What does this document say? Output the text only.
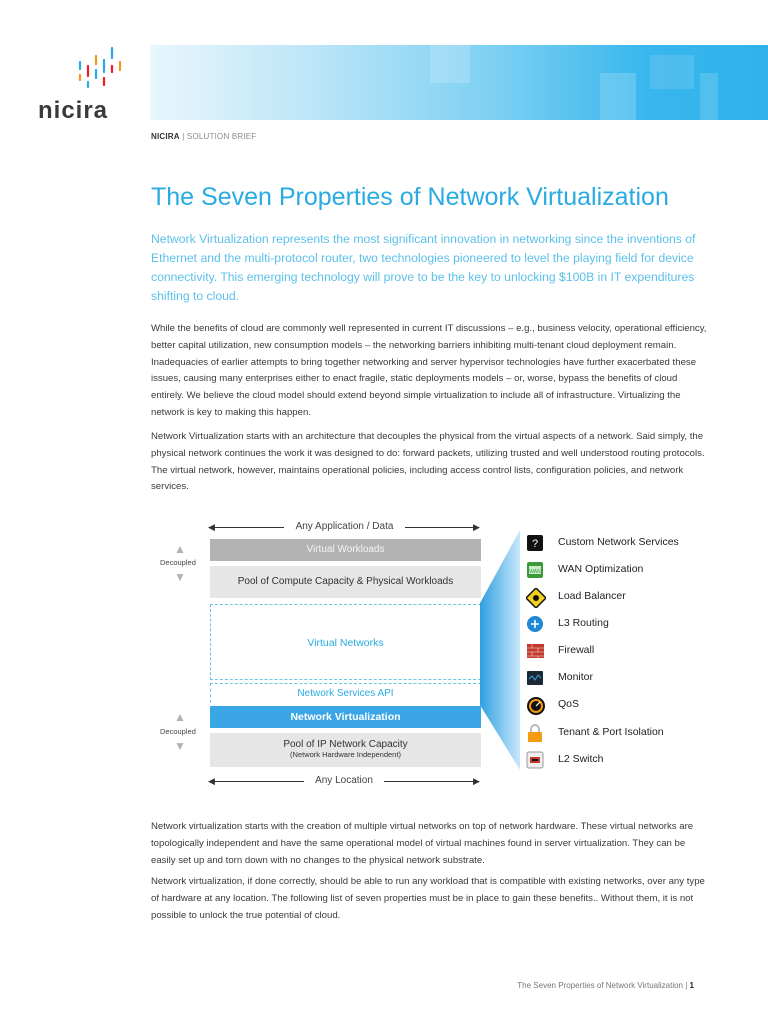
nicira
NICIRA | SOLUTION BRIEF
The Seven Properties of Network Virtualization
Network Virtualization represents the most significant innovation in networking since the inventions of Ethernet and the multi-protocol router, two technologies pioneered to level the playing field for device connectivity. This emerging technology will prove to be the key to unlocking $100B in IT expenditures shifting to cloud.
While the benefits of cloud are commonly well represented in current IT discussions – e.g., business velocity, operational efficiency, better capital utilization, new consumption models – the networking barriers inhibiting multi-tenant cloud deployment remain. Inadequacies of earlier attempts to bring together networking and server hypervisor technologies have further exacerbated these issues, causing many enterprises either to enact fragile, static deployments models – or, worse, bypass the benefits of cloud entirely. We believe the cloud model should extend beyond simple virtualization to include all of infrastructure. Virtualizing the network is key to making this happen.
Network Virtualization starts with an architecture that decouples the physical from the virtual aspects of a network. Said simply, the physical network continues the work it was designed to do: forward packets, utilizing trusted and well understood routing protocols. The virtual network, however, maintains operational policies, including access control lists, configuration policies, and network services.
◀	▶
Any Application / Data
Virtual Workloads
Pool of Compute Capacity & Physical Workloads
Virtual Networks
Network Services API
Network Virtualization
Pool of IP Network Capacity
(Network Hardware Independent)
▲
Decoupled
▼
▲
Decoupled
▼
◀	▶
Any Location
?
WAN
Custom Network Services
WAN Optimization
Load Balancer
L3 Routing
Firewall
Monitor
QoS
Tenant & Port Isolation
L2 Switch
Network virtualization starts with the creation of multiple virtual networks on top of network hardware. These virtual networks are topologically independent and have the same operational model of virtual machines found in server virtualization. They can be easily set up and torn down with no changes to the physical network substrate.
Network virtualization, if done correctly, should be able to run any workload that is compatible with existing networks, over any type of hardware at any location. The following list of seven properties must be in place to gain these benefits.. Without them, it is not possible to unlock the true potential of cloud.
The Seven Properties of Network Virtualization | 1
